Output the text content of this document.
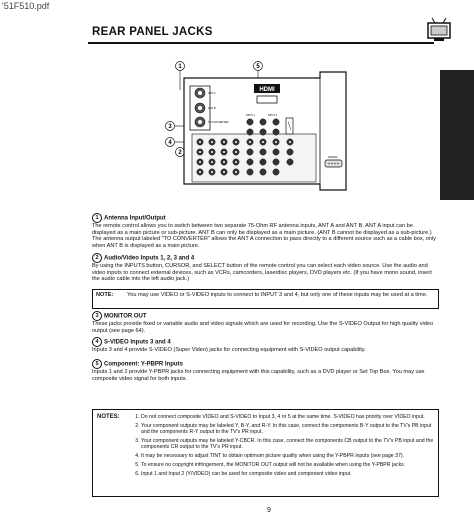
'51F510.pdf
REAR PANEL JACKS
FIRST TIME USE
1	5
3
4
2
ANT A
ANT B
TO CONVERTER
HDMI
INPUT 1	INPUT 2
RS232C
1 Antenna Input/Output
The remote control allows you to switch between two separate 75-Ohm RF antenna inputs, ANT A and ANT B. ANT A input can be displayed as a main picture or sub-picture. ANT B can only be displayed as a main picture. (ANT B cannot be displayed as a sub-picture.) The antenna output labeled "TO CONVERTER" allows the ANT A connection to pass directly to a different source such as a cable box, only when ANT B is displayed as a main picture.
2 Audio/Video Inputs 1, 2, 3 and 4
By using the INPUTS button, CURSOR, and SELECT button of the remote control you can select each video source. Use the audio and video inputs to connect external devices, such as VCRs, camcorders, laserdisc players, DVD players etc. (If you have mono sound, insert the audio cable into the left audio jack.)
NOTE: You may use VIDEO or S-VIDEO inputs to connect to INPUT 3 and 4, but only one of these inputs may be used at a time.
3 MONITOR OUT
These jacks provide fixed or variable audio and video signals which are used for recording. Use the S-VIDEO Output for high quality video output (see page 64).
4 S-VIDEO Inputs 3 and 4
Inputs 3 and 4 provide S-VIDEO (Super Video) jacks for connecting equipment with S-VIDEO output capability.
5 Component: Y-PBPR Inputs
Inputs 1 and 2 provide Y-PBPR jacks for connecting equipment with this capability, such as a DVD player or Set Top Box. You may use composite video signal for both inputs.
NOTES:
1.	Do not connect composite VIDEO and S-VIDEO to Input 3, 4 or 5 at the same time. S-VIDEO has priority over VIDEO input.
2. Your component outputs may be labeled Y, B-Y, and R-Y. In this case, connect the components B-Y output to the TV's PB input and the components R-Y output to the TV's PR input.
3. Your component outputs may be labeled Y-CBCR. In this case, connect the components CB output to the TV's PB input and the components CR output to the TV's PR input.
4. It may be necessary to adjust TINT to obtain optimum picture quality when using the Y-PBPR inputs (see page 37).
5. To ensure no copyright infringement, the MONITOR OUT output will not be available when using the Y-PBPR jacks.
6. Input 1 and Input 2 (Y/VIDEO) can be used for composite video and component video input.
9
